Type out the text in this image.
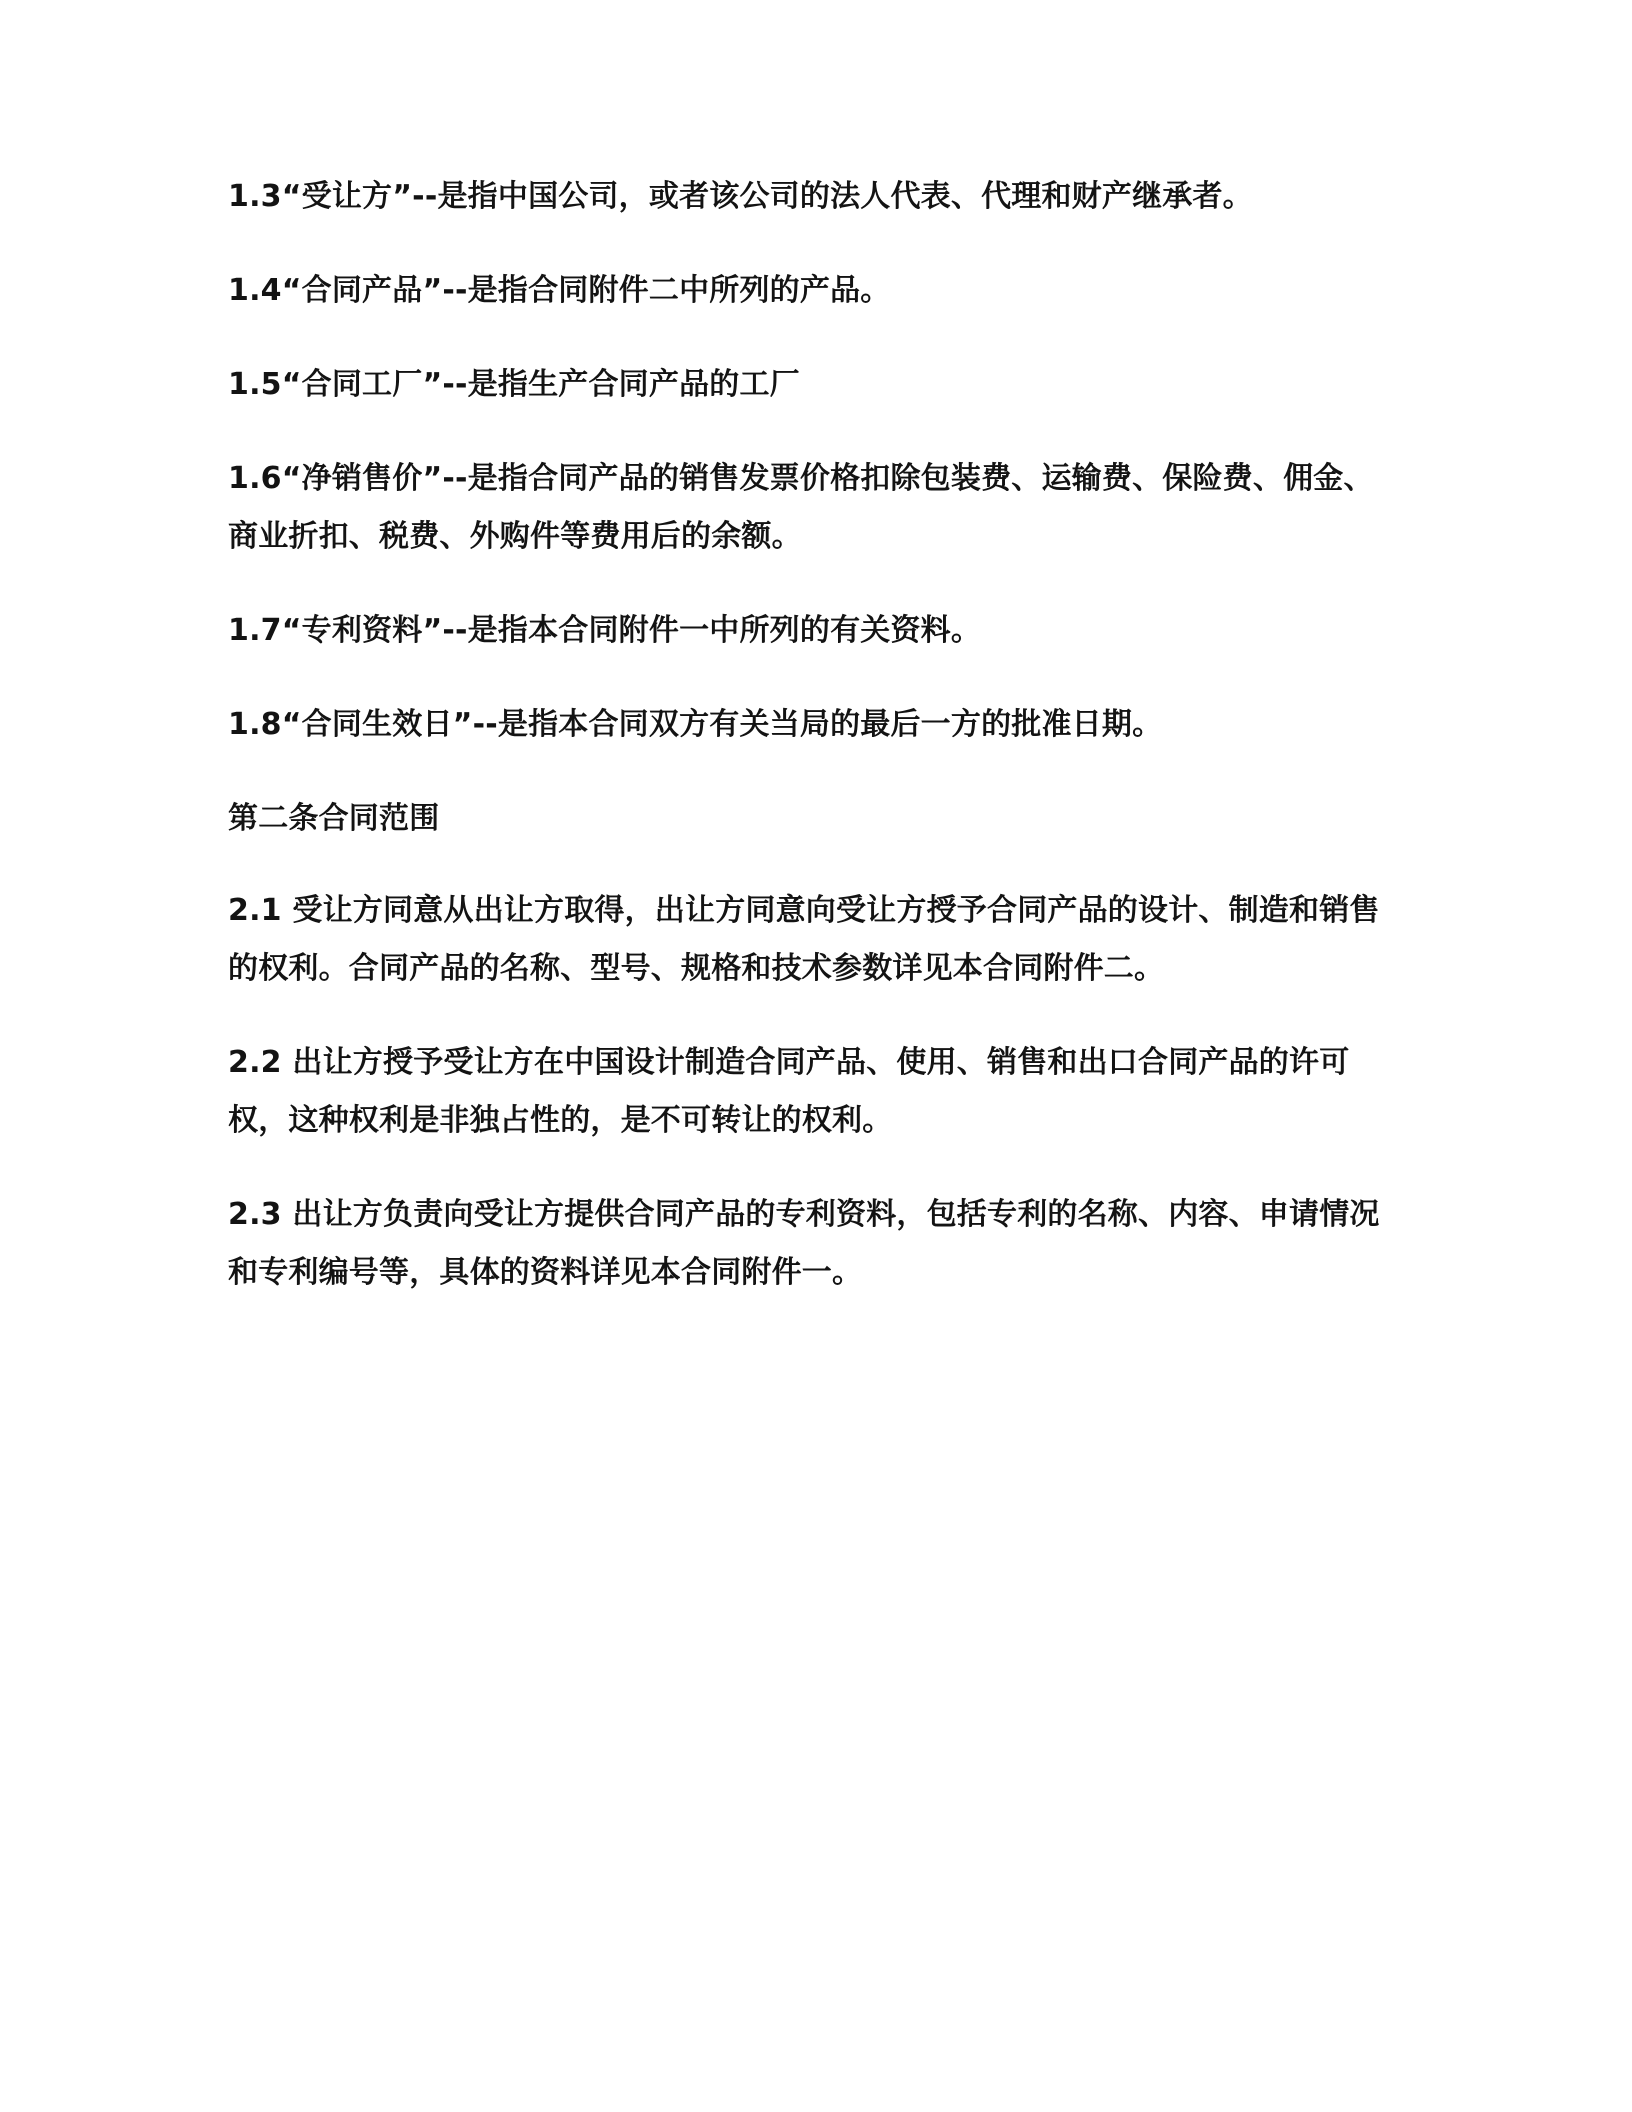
1.3“受让方”--是指中国公司，或者该公司的法人代表、代理和财产继承者。

1.4“合同产品”--是指合同附件二中所列的产品。

1.5“合同工厂”--是指生产合同产品的工厂

1.6“净销售价”--是指合同产品的销售发票价格扣除包装费、运输费、保险费、佣金、商业折扣、税费、外购件等费用后的余额。

1.7“专利资料”--是指本合同附件一中所列的有关资料。

1.8“合同生效日”--是指本合同双方有关当局的最后一方的批准日期。

第二条合同范围

2.1 受让方同意从出让方取得，出让方同意向受让方授予合同产品的设计、制造和销售的权利。合同产品的名称、型号、规格和技术参数详见本合同附件二。

2.2 出让方授予受让方在中国设计制造合同产品、使用、销售和出口合同产品的许可权，这种权利是非独占性的，是不可转让的权利。

2.3 出让方负责向受让方提供合同产品的专利资料，包括专利的名称、内容、申请情况和专利编号等，具体的资料详见本合同附件一。
